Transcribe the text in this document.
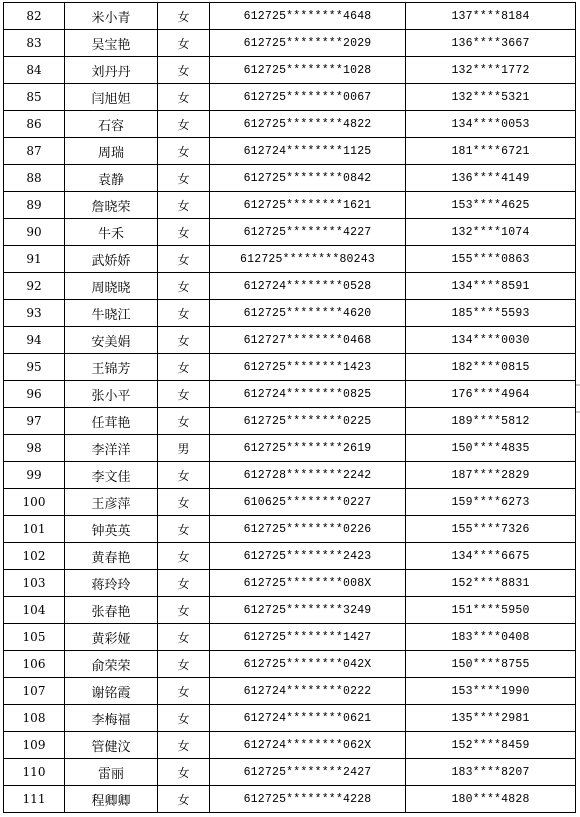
82	米小青	女	612725********4648	137****8184
83	吴宝艳	女	612725********2029	136****3667
84	刘丹丹	女	612725********1028	132****1772
85	闫旭妲	女	612725********0067	132****5321
86	石容	女	612725********4822	134****0053
87	周瑞	女	612724********1125	181****6721
88	袁静	女	612725********0842	136****4149
89	詹晓荣	女	612725********1621	153****4625
90	牛禾	女	612725********4227	132****1074
91	武娇娇	女	612725********80243	155****0863
92	周晓晓	女	612724********0528	134****8591
93	牛晓江	女	612725********4620	185****5593
94	安美娟	女	612727********0468	134****0030
95	王锦芳	女	612725********1423	182****0815
96	张小平	女	612724********0825	176****4964
97	任茸艳	女	612725********0225	189****5812
98	李洋洋	男	612725********2619	150****4835
99	李文佳	女	612728********2242	187****2829
100	王彦萍	女	610625********0227	159****6273
101	钟英英	女	612725********0226	155****7326
102	黄春艳	女	612725********2423	134****6675
103	蒋玲玲	女	612725********008X	152****8831
104	张春艳	女	612725********3249	151****5950
105	黄彩娅	女	612725********1427	183****0408
106	俞荣荣	女	612725********042X	150****8755
107	谢铭霞	女	612724********0222	153****1990
108	李梅福	女	612724********0621	135****2981
109	管健汶	女	612724********062X	152****8459
110	雷丽	女	612725********2427	183****8207
111	程卿卿	女	612725********4228	180****4828
